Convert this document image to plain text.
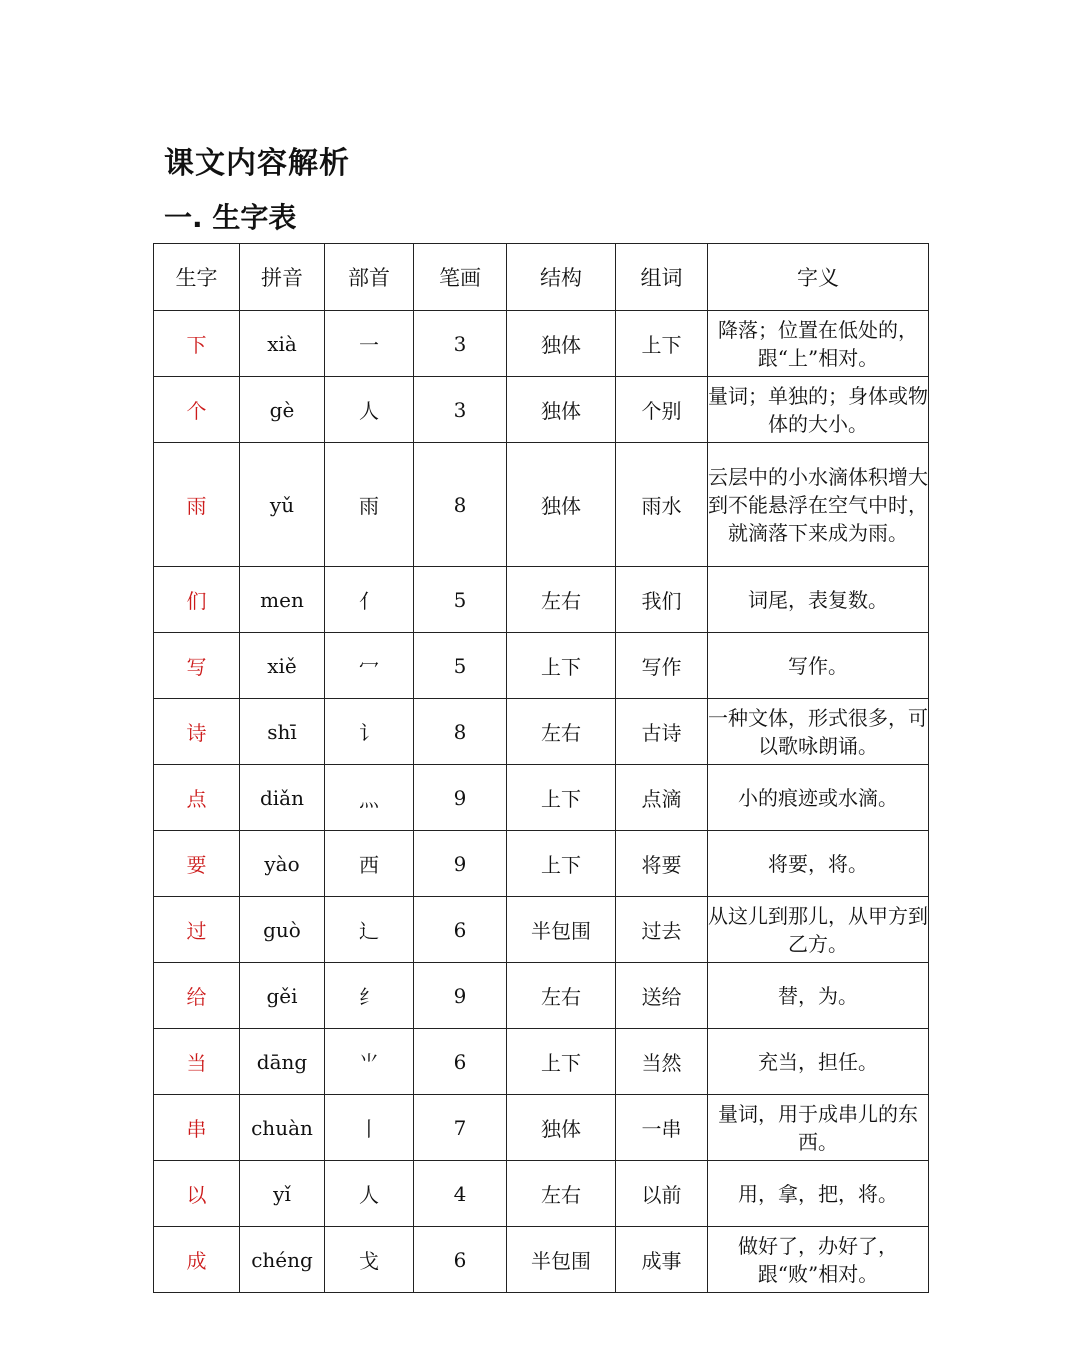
课文内容解析
一. 生字表
生字	拼音	部首	笔画	结构	组词	字义
下	xià	一	3	独体	上下	降落；位置在低处的，跟“上”相对。
个	gè	人	3	独体	个别	量词；单独的；身体或物体的大小。
雨	yǔ	雨	8	独体	雨水	云层中的小水滴体积增大到不能悬浮在空气中时，就滴落下来成为雨。
们	men	亻	5	左右	我们	词尾，表复数。
写	xiě	冖	5	上下	写作	写作。
诗	shī	讠	8	左右	古诗	一种文体，形式很多，可以歌咏朗诵。
点	diǎn	灬	9	上下	点滴	小的痕迹或水滴。
要	yào	西	9	上下	将要	将要，将。
过	guò	辶	6	半包围	过去	从这儿到那儿，从甲方到乙方。
给	gěi	纟	9	左右	送给	替，为。
当	dāng	⺌	6	上下	当然	充当，担任。
串	chuàn	丨	7	独体	一串	量词，用于成串儿的东西。
以	yǐ	人	4	左右	以前	用，拿，把，将。
成	chéng	戈	6	半包围	成事	做好了，办好了，跟“败”相对。
